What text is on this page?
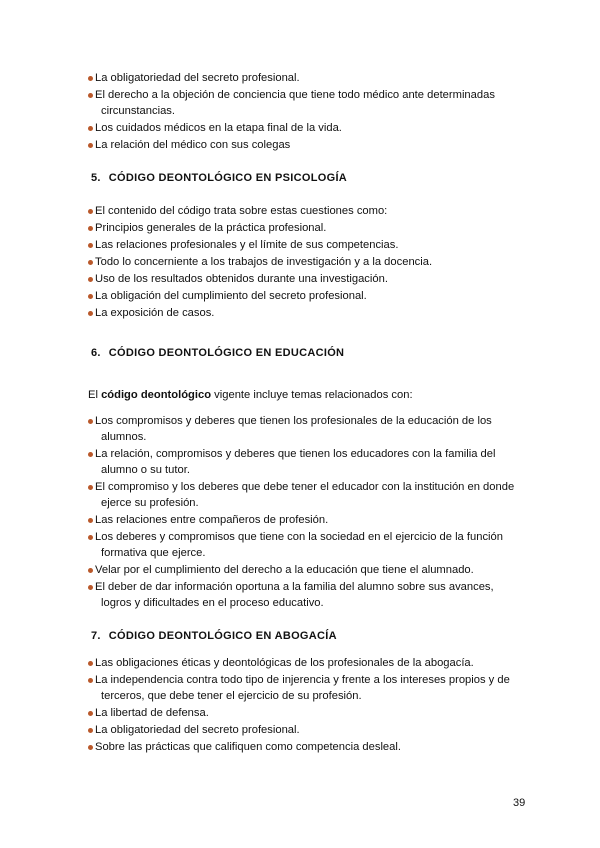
La obligatoriedad del secreto profesional.
El derecho a la objeción de conciencia que tiene todo médico ante determinadas circunstancias.
Los cuidados médicos en la etapa final de la vida.
La relación del médico con sus colegas
5. CÓDIGO DEONTOLÓGICO EN PSICOLOGÍA
El contenido del código trata sobre estas cuestiones como:
Principios generales de la práctica profesional.
Las relaciones profesionales y el límite de sus competencias.
Todo lo concerniente a los trabajos de investigación y a la docencia.
Uso de los resultados obtenidos durante una investigación.
La obligación del cumplimiento del secreto profesional.
La exposición de casos.
6. CÓDIGO DEONTOLÓGICO EN EDUCACIÓN
El código deontológico vigente incluye temas relacionados con:
Los compromisos y deberes que tienen los profesionales de la educación de los alumnos.
La relación, compromisos y deberes que tienen los educadores con la familia del alumno o su tutor.
El compromiso y los deberes que debe tener el educador con la institución en donde ejerce su profesión.
Las relaciones entre compañeros de profesión.
Los deberes y compromisos que tiene con la sociedad en el ejercicio de la función formativa que ejerce.
Velar por el cumplimiento del derecho a la educación que tiene el alumnado.
El deber de dar información oportuna a la familia del alumno sobre sus avances, logros y dificultades en el proceso educativo.
7. CÓDIGO DEONTOLÓGICO EN ABOGACÍA
Las obligaciones éticas y deontológicas de los profesionales de la abogacía.
La independencia contra todo tipo de injerencia y frente a los intereses propios y de terceros, que debe tener el ejercicio de su profesión.
La libertad de defensa.
La obligatoriedad del secreto profesional.
Sobre las prácticas que califiquen como competencia desleal.
39
